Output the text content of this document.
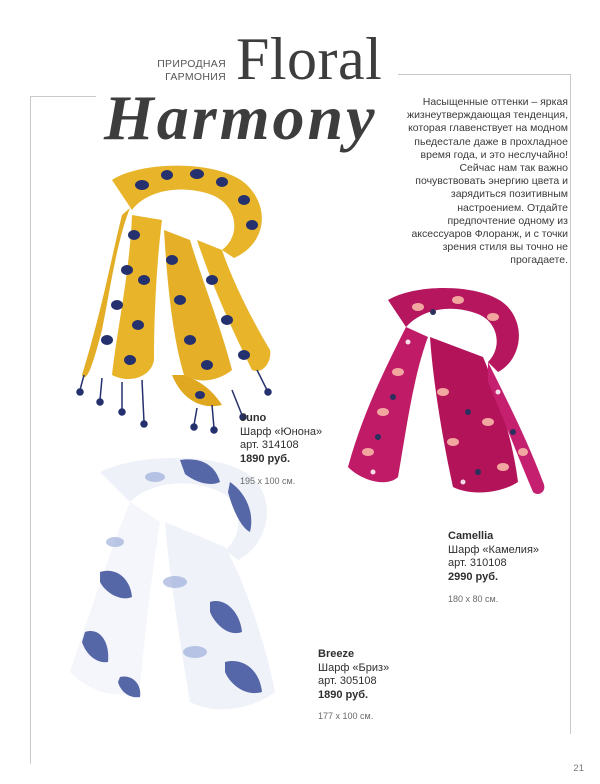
ПРИРОДНАЯ
ГАРМОНИЯ Floral
Harmony	Насыщенные оттенки – яркая жизнеутверждающая тенденция, которая главенствует на модном пьедестале даже в прохладное время года, и это неслучайно! Сейчас нам так важно почувствовать энергию цвета и зарядиться позитивным настроением. Отдайте предпочтение одному из аксессуаров Флоранж, и с точки зрения стиля вы точно не прогадаете.
Juno
Шарф «Юнона»
арт. 314108
1890 руб.
195 х 100 см.
Camellia
Шарф «Камелия»
арт. 310108
2990 руб.
180 х 80 см.
Breeze
Шарф «Бриз»
арт. 305108
1890 руб.
177 х 100 см.
21
